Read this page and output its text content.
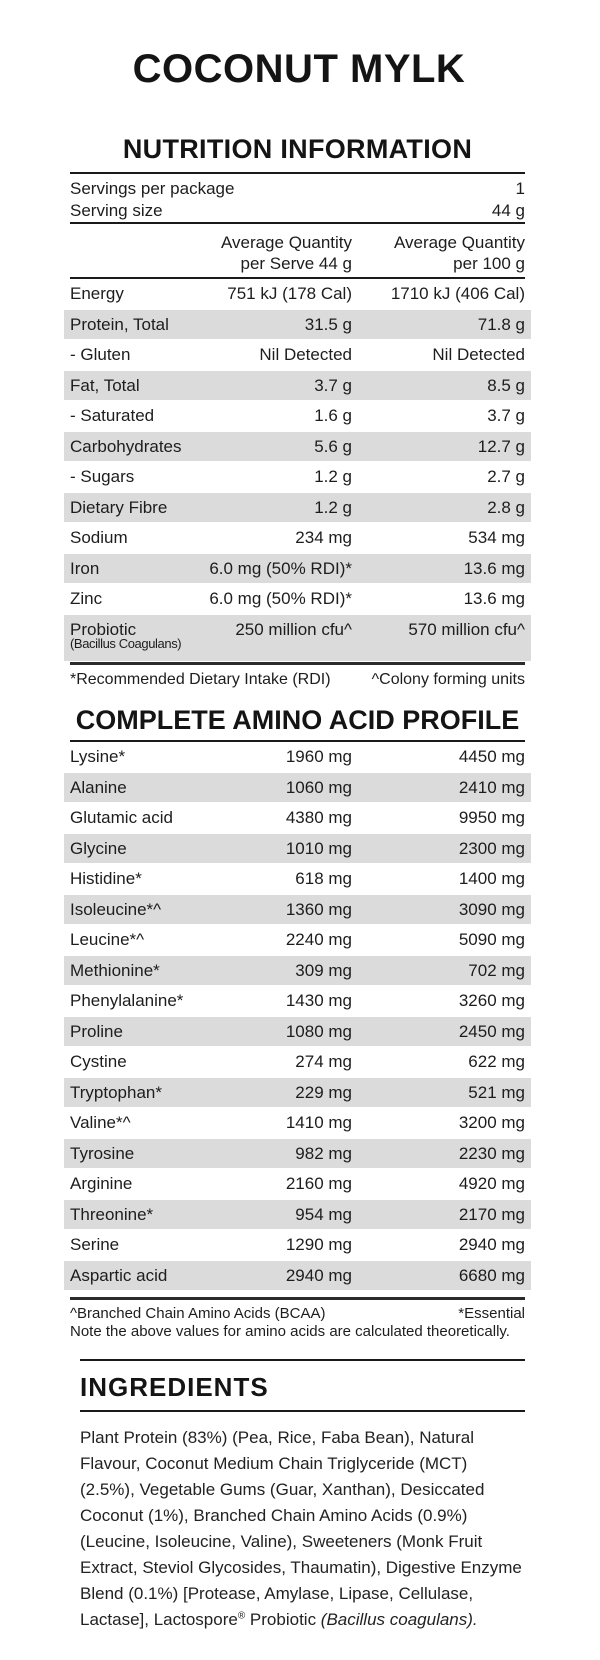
COCONUT MYLK
NUTRITION INFORMATION
Servings per package	1
Serving size	44 g
Average Quantity
per Serve 44 g
Average Quantity
per 100 g
Energy	751 kJ (178 Cal)	1710 kJ (406 Cal)
Protein, Total	31.5 g	71.8 g
- Gluten	Nil Detected	Nil Detected
Fat, Total	3.7 g	8.5 g
- Saturated	1.6 g	3.7 g
Carbohydrates	5.6 g	12.7 g
- Sugars	1.2 g	2.7 g
Dietary Fibre	1.2 g	2.8 g
Sodium	234 mg	534 mg
Iron	6.0 mg (50% RDI)*	13.6 mg
Zinc	6.0 mg (50% RDI)*	13.6 mg
Probiotic
(Bacillus Coagulans)
250 million cfu^	570 million cfu^
*Recommended Dietary Intake (RDI)	^Colony forming units
COMPLETE AMINO ACID PROFILE
Lysine*	1960 mg	4450 mg
Alanine	1060 mg	2410 mg
Glutamic acid	4380 mg	9950 mg
Glycine	1010 mg	2300 mg
Histidine*	618 mg	1400 mg
Isoleucine*^	1360 mg	3090 mg
Leucine*^	2240 mg	5090 mg
Methionine*	309 mg	702 mg
Phenylalanine*	1430 mg	3260 mg
Proline	1080 mg	2450 mg
Cystine	274 mg	622 mg
Tryptophan*	229 mg	521 mg
Valine*^	1410 mg	3200 mg
Tyrosine	982 mg	2230 mg
Arginine	2160 mg	4920 mg
Threonine*	954 mg	2170 mg
Serine	1290 mg	2940 mg
Aspartic acid	2940 mg	6680 mg
^Branched Chain Amino Acids (BCAA)	*Essential
Note the above values for amino acids are calculated theoretically.
INGREDIENTS

Plant Protein (83%) (Pea, Rice, Faba Bean), Natural Flavour, Coconut Medium Chain Triglyceride (MCT) (2.5%), Vegetable Gums (Guar, Xanthan), Desiccated Coconut (1%), Branched Chain Amino Acids (0.9%) (Leucine, Isoleucine, Valine), Sweeteners (Monk Fruit Extract, Steviol Glycosides, Thaumatin), Digestive Enzyme Blend (0.1%) [Protease, Amylase, Lipase, Cellulase, Lactase], Lactospore® Probiotic (Bacillus coagulans).
